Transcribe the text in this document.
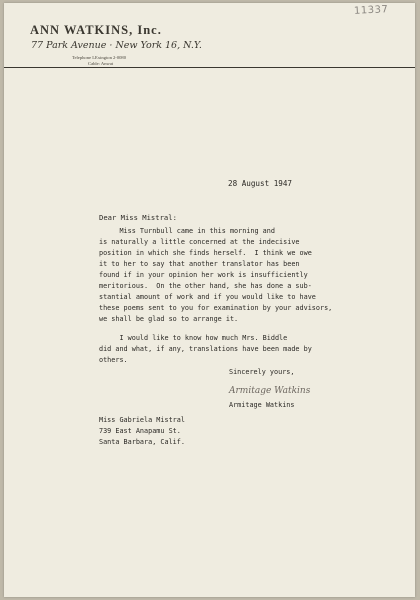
ANN WATKINS, Inc.
77 Park Avenue · New York 16, N.Y.
Telephone LExington 2-0080
Cable: Anwat
11337
28 August 1947
Dear Miss Mistral:
Miss Turnbull came in this morning and
is naturally a little concerned at the indecisive
position in which she finds herself.  I think we owe
it to her to say that another translator has been
found if in your opinion her work is insufficiently
meritorious.  On the other hand, she has done a sub-
stantial amount of work and if you would like to have
these poems sent to you for examination by your advisors,
we shall be glad so to arrange it.
I would like to know how much Mrs. Biddle
did and what, if any, translations have been made by
others.
Sincerely yours,
Armitage Watkins
Armitage Watkins
Miss Gabriela Mistral
739 East Anapamu St.
Santa Barbara, Calif.
